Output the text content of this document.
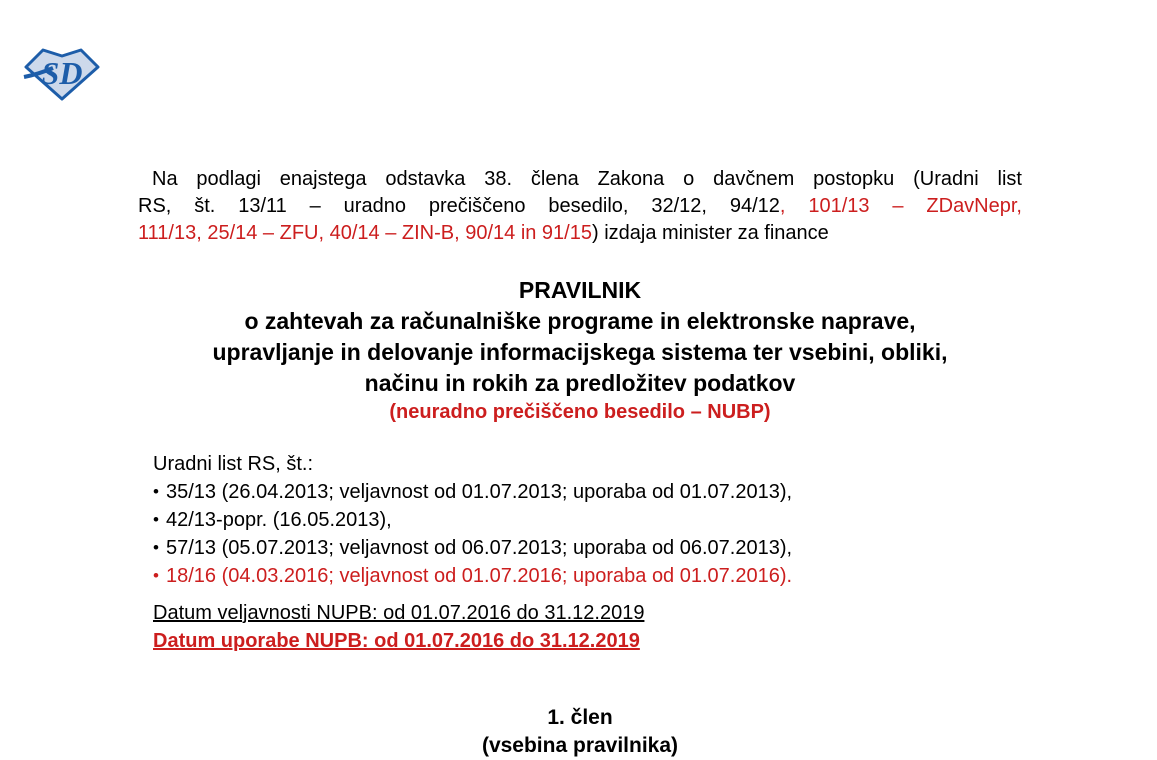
SD
Na podlagi enajstega odstavka 38. člena Zakona o davčnem postopku (Uradni list
RS, št. 13/11 – uradno prečiščeno besedilo, 32/12, 94/12, 101/13 – ZDavNepr,
111/13, 25/14 – ZFU, 40/14 – ZIN-B, 90/14 in 91/15) izdaja minister za finance
PRAVILNIK
o zahtevah za računalniške programe in elektronske naprave,
upravljanje in delovanje informacijskega sistema ter vsebini, obliki,
načinu in rokih za predložitev podatkov
(neuradno prečiščeno besedilo – NUBP)
Uradni list RS, št.:
• 35/13 (26.04.2013; veljavnost od 01.07.2013; uporaba od 01.07.2013),
• 42/13-popr. (16.05.2013),
• 57/13 (05.07.2013; veljavnost od 06.07.2013; uporaba od 06.07.2013),
• 18/16 (04.03.2016; veljavnost od 01.07.2016; uporaba od 01.07.2016).
Datum veljavnosti NUPB: od 01.07.2016 do 31.12.2019
Datum uporabe NUPB: od 01.07.2016 do 31.12.2019
1. člen
(vsebina pravilnika)
